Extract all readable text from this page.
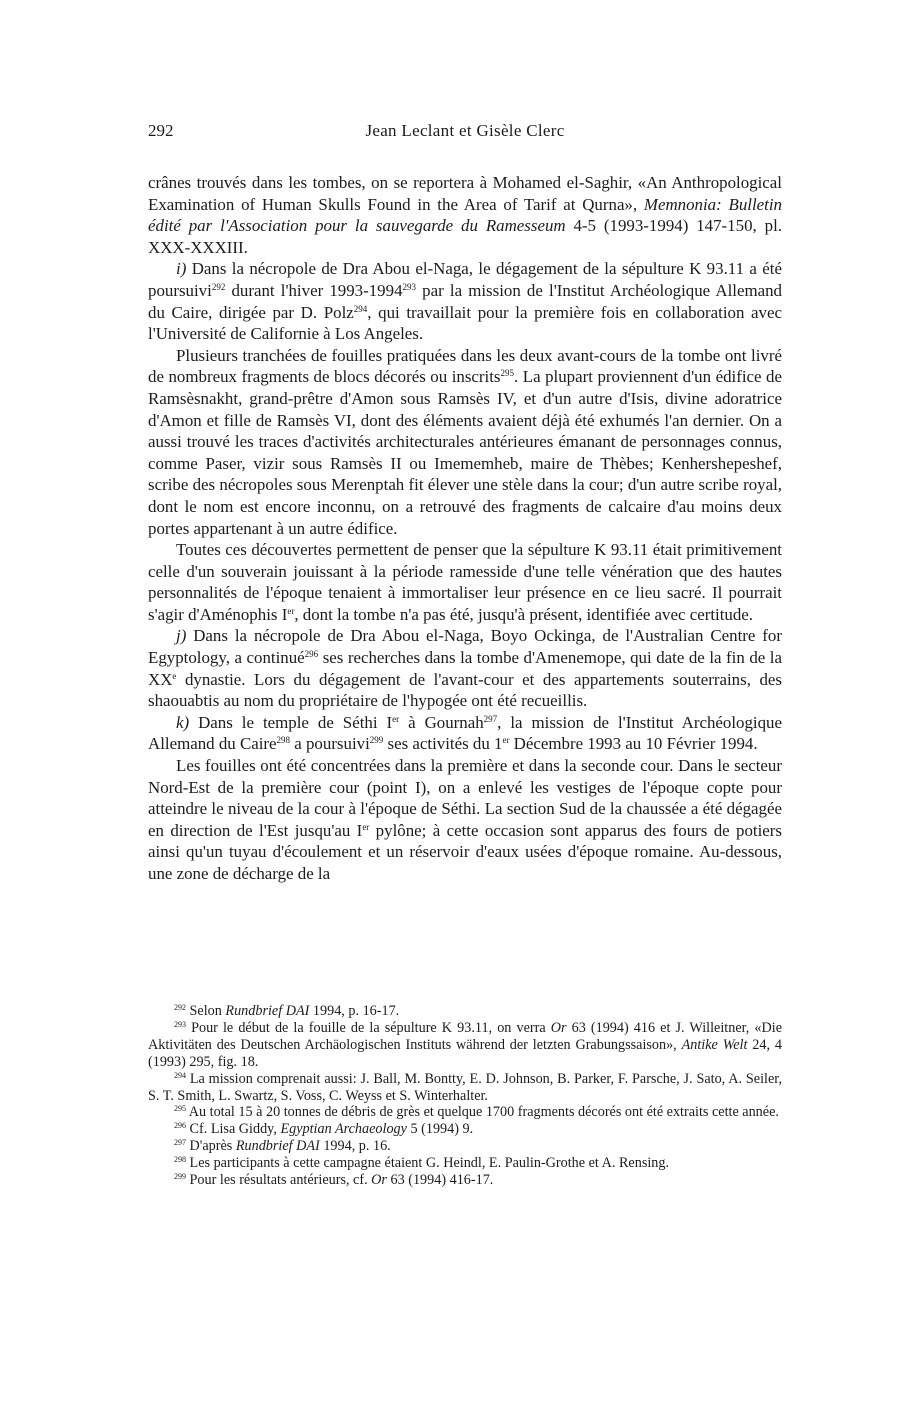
292	Jean Leclant et Gisèle Clerc

crânes trouvés dans les tombes, on se reportera à Mohamed el-Saghir, «An Anthropological Examination of Human Skulls Found in the Area of Tarif at Qurna», Memnonia: Bulletin édité par l'Association pour la sauvegarde du Ramesseum 4-5 (1993-1994) 147-150, pl. XXX-XXXIII.

i) Dans la nécropole de Dra Abou el-Naga, le dégagement de la sépulture K 93.11 a été poursuivi$^{292}$ durant l'hiver 1993-1994$^{293}$ par la mission de l'Institut Archéologique Allemand du Caire, dirigée par D. Polz$^{294}$, qui travaillait pour la première fois en collaboration avec l'Université de Californie à Los Angeles.

Plusieurs tranchées de fouilles pratiquées dans les deux avant-cours de la tombe ont livré de nombreux fragments de blocs décorés ou inscrits$^{295}$. La plupart proviennent d'un édifice de Ramsèsnakht, grand-prêtre d'Amon sous Ramsès IV, et d'un autre d'Isis, divine adoratrice d'Amon et fille de Ramsès VI, dont des éléments avaient déjà été exhumés l'an dernier. On a aussi trouvé les traces d'activités architecturales antérieures émanant de personnages connus, comme Paser, vizir sous Ramsès II ou Imememheb, maire de Thèbes; Kenhershepeshef, scribe des nécropoles sous Merenptah fit élever une stèle dans la cour; d'un autre scribe royal, dont le nom est encore inconnu, on a retrouvé des fragments de calcaire d'au moins deux portes appartenant à un autre édifice.

Toutes ces découvertes permettent de penser que la sépulture K 93.11 était primitivement celle d'un souverain jouissant à la période ramesside d'une telle vénération que des hautes personnalités de l'époque tenaient à immortaliser leur présence en ce lieu sacré. Il pourrait s'agir d'Aménophis Ier, dont la tombe n'a pas été, jusqu'à présent, identifiée avec certitude.

j) Dans la nécropole de Dra Abou el-Naga, Boyo Ockinga, de l'Australian Centre for Egyptology, a continué$^{296}$ ses recherches dans la tombe d'Amenemope, qui date de la fin de la XXe dynastie. Lors du dégagement de l'avant-cour et des appartements souterrains, des shaouabtis au nom du propriétaire de l'hypogée ont été recueillis.

k) Dans le temple de Séthi Ier à Gournah$^{297}$, la mission de l'Institut Archéologique Allemand du Caire$^{298}$ a poursuivi$^{299}$ ses activités du 1er Décembre 1993 au 10 Février 1994.

Les fouilles ont été concentrées dans la première et dans la seconde cour. Dans le secteur Nord-Est de la première cour (point I), on a enlevé les vestiges de l'époque copte pour atteindre le niveau de la cour à l'époque de Séthi. La section Sud de la chaussée a été dégagée en direction de l'Est jusqu'au Ier pylône; à cette occasion sont apparus des fours de potiers ainsi qu'un tuyau d'écoulement et un réservoir d'eaux usées d'époque romaine. Au-dessous, une zone de décharge de la

$^{292}$ Selon Rundbrief DAI 1994, p. 16-17.

$^{293}$ Pour le début de la fouille de la sépulture K 93.11, on verra Or 63 (1994) 416 et J. Willeitner, «Die Aktivitäten des Deutschen Archäologischen Instituts während der letzten Grabungssaison», Antike Welt 24, 4 (1993) 295, fig. 18.

$^{294}$ La mission comprenait aussi: J. Ball, M. Bontty, E. D. Johnson, B. Parker, F. Parsche, J. Sato, A. Seiler, S. T. Smith, L. Swartz, S. Voss, C. Weyss et S. Winterhalter.

$^{295}$ Au total 15 à 20 tonnes de débris de grès et quelque 1700 fragments décorés ont été extraits cette année.

$^{296}$ Cf. Lisa Giddy, Egyptian Archaeology 5 (1994) 9.

$^{297}$ D'après Rundbrief DAI 1994, p. 16.

$^{298}$ Les participants à cette campagne étaient G. Heindl, E. Paulin-Grothe et A. Rensing.

$^{299}$ Pour les résultats antérieurs, cf. Or 63 (1994) 416-17.
